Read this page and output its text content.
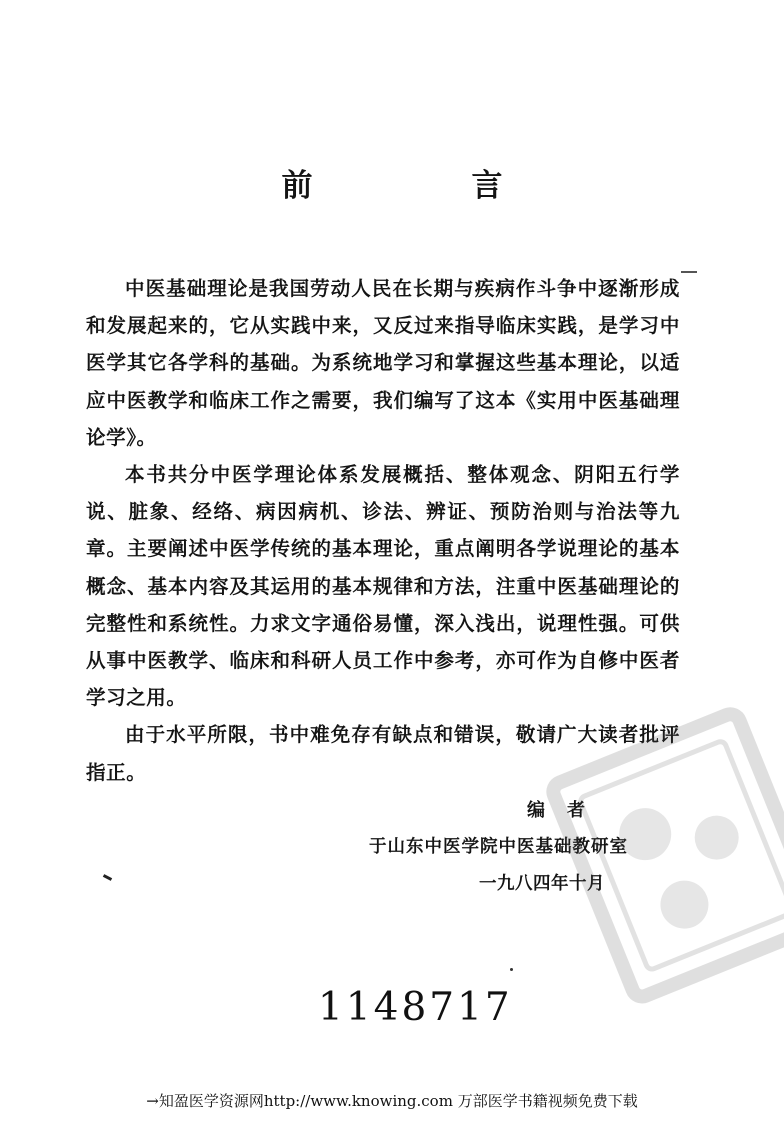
前　言

中医基础理论是我国劳动人民在长期与疾病作斗争中逐渐形成和发展起来的，它从实践中来，又反过来指导临床实践，是学习中医学其它各学科的基础。为系统地学习和掌握这些基本理论，以适应中医教学和临床工作之需要，我们编写了这本《实用中医基础理论学》。

本书共分中医学理论体系发展概括、整体观念、阴阳五行学说、脏象、经络、病因病机、诊法、辨证、预防治则与治法等九章。主要阐述中医学传统的基本理论，重点阐明各学说理论的基本概念、基本内容及其运用的基本规律和方法，注重中医基础理论的完整性和系统性。力求文字通俗易懂，深入浅出，说理性强。可供从事中医教学、临床和科研人员工作中参考，亦可作为自修中医者学习之用。

由于水平所限，书中难免存有缺点和错误，敬请广大读者批评指正。

编者
于山东中医学院中医基础教研室
一九八四年十月
1148717
→知盈医学资源网http://www.knowing.com 万部医学书籍视频免费下载
